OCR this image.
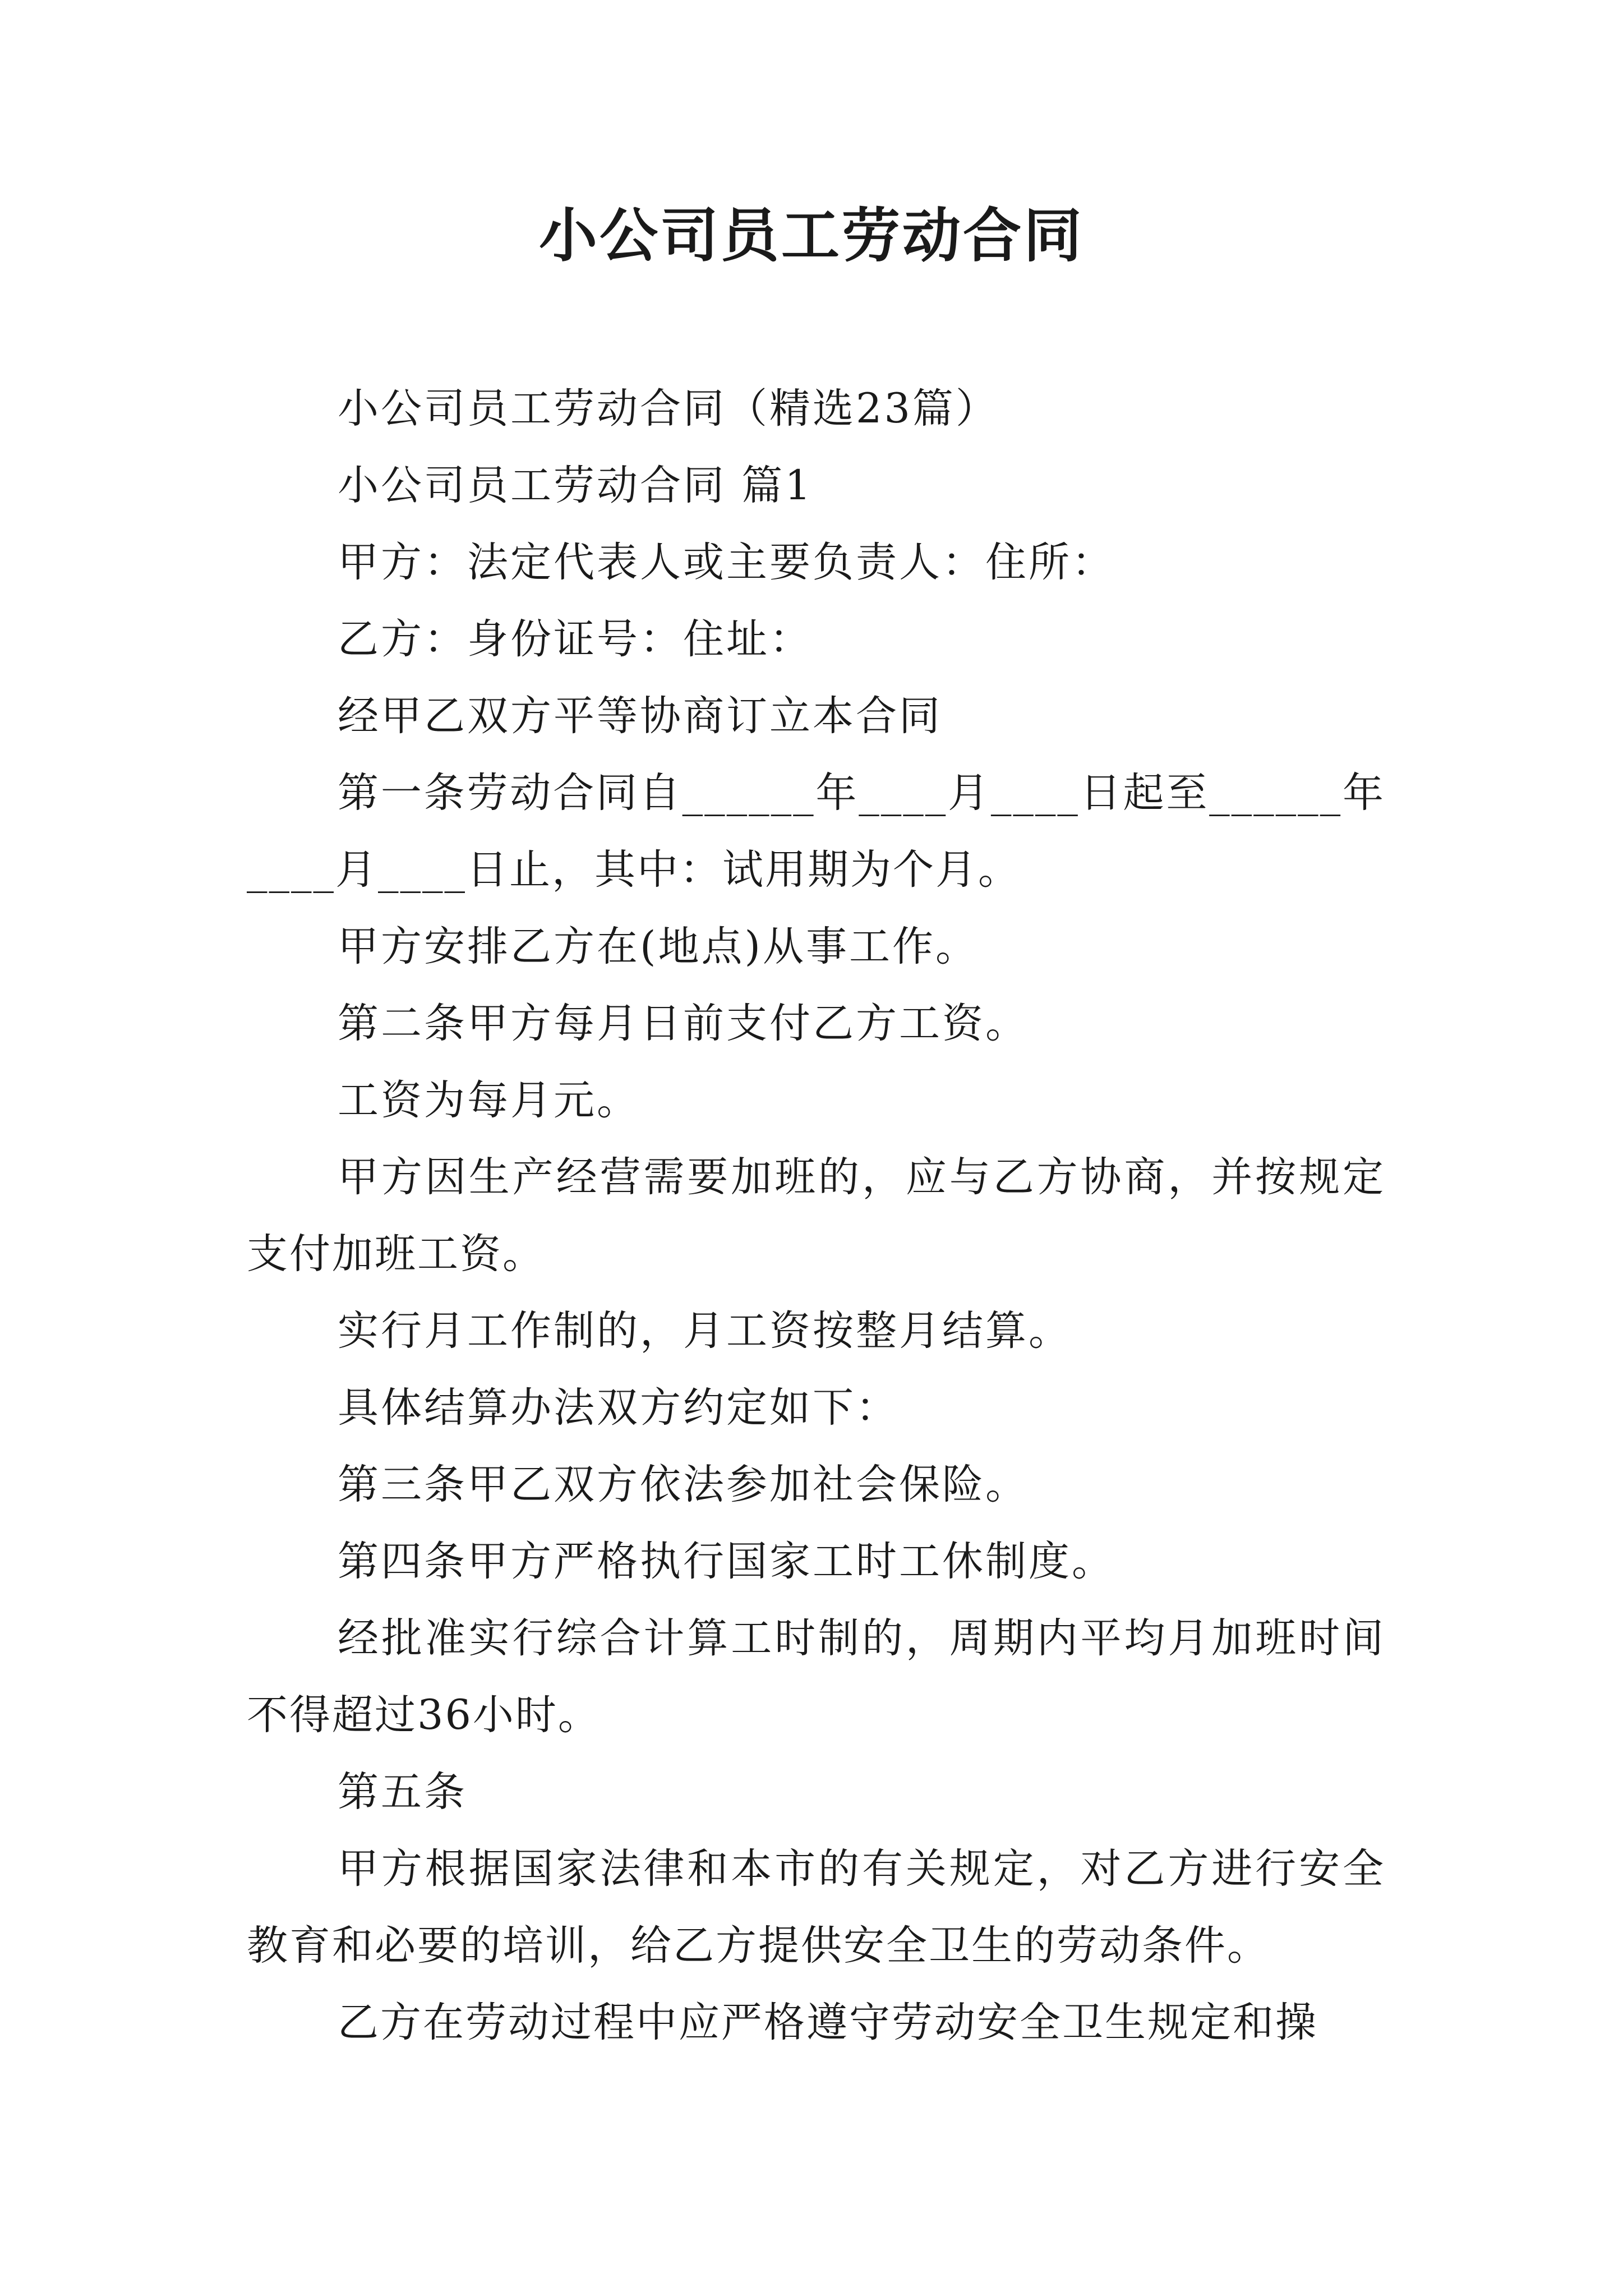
小公司员工劳动合同

小公司员工劳动合同（精选23篇）

小公司员工劳动合同 篇1

甲方：法定代表人或主要负责人：住所：

乙方：身份证号：住址：

经甲乙双方平等协商订立本合同

第一条劳动合同自______年____月____日起至______年____月____日止，其中：试用期为个月。

甲方安排乙方在(地点)从事工作。

第二条甲方每月日前支付乙方工资。

工资为每月元。

甲方因生产经营需要加班的，应与乙方协商，并按规定支付加班工资。

实行月工作制的，月工资按整月结算。

具体结算办法双方约定如下：

第三条甲乙双方依法参加社会保险。

第四条甲方严格执行国家工时工休制度。

经批准实行综合计算工时制的，周期内平均月加班时间不得超过36小时。

第五条

甲方根据国家法律和本市的有关规定，对乙方进行安全教育和必要的培训，给乙方提供安全卫生的劳动条件。

乙方在劳动过程中应严格遵守劳动安全卫生规定和操
